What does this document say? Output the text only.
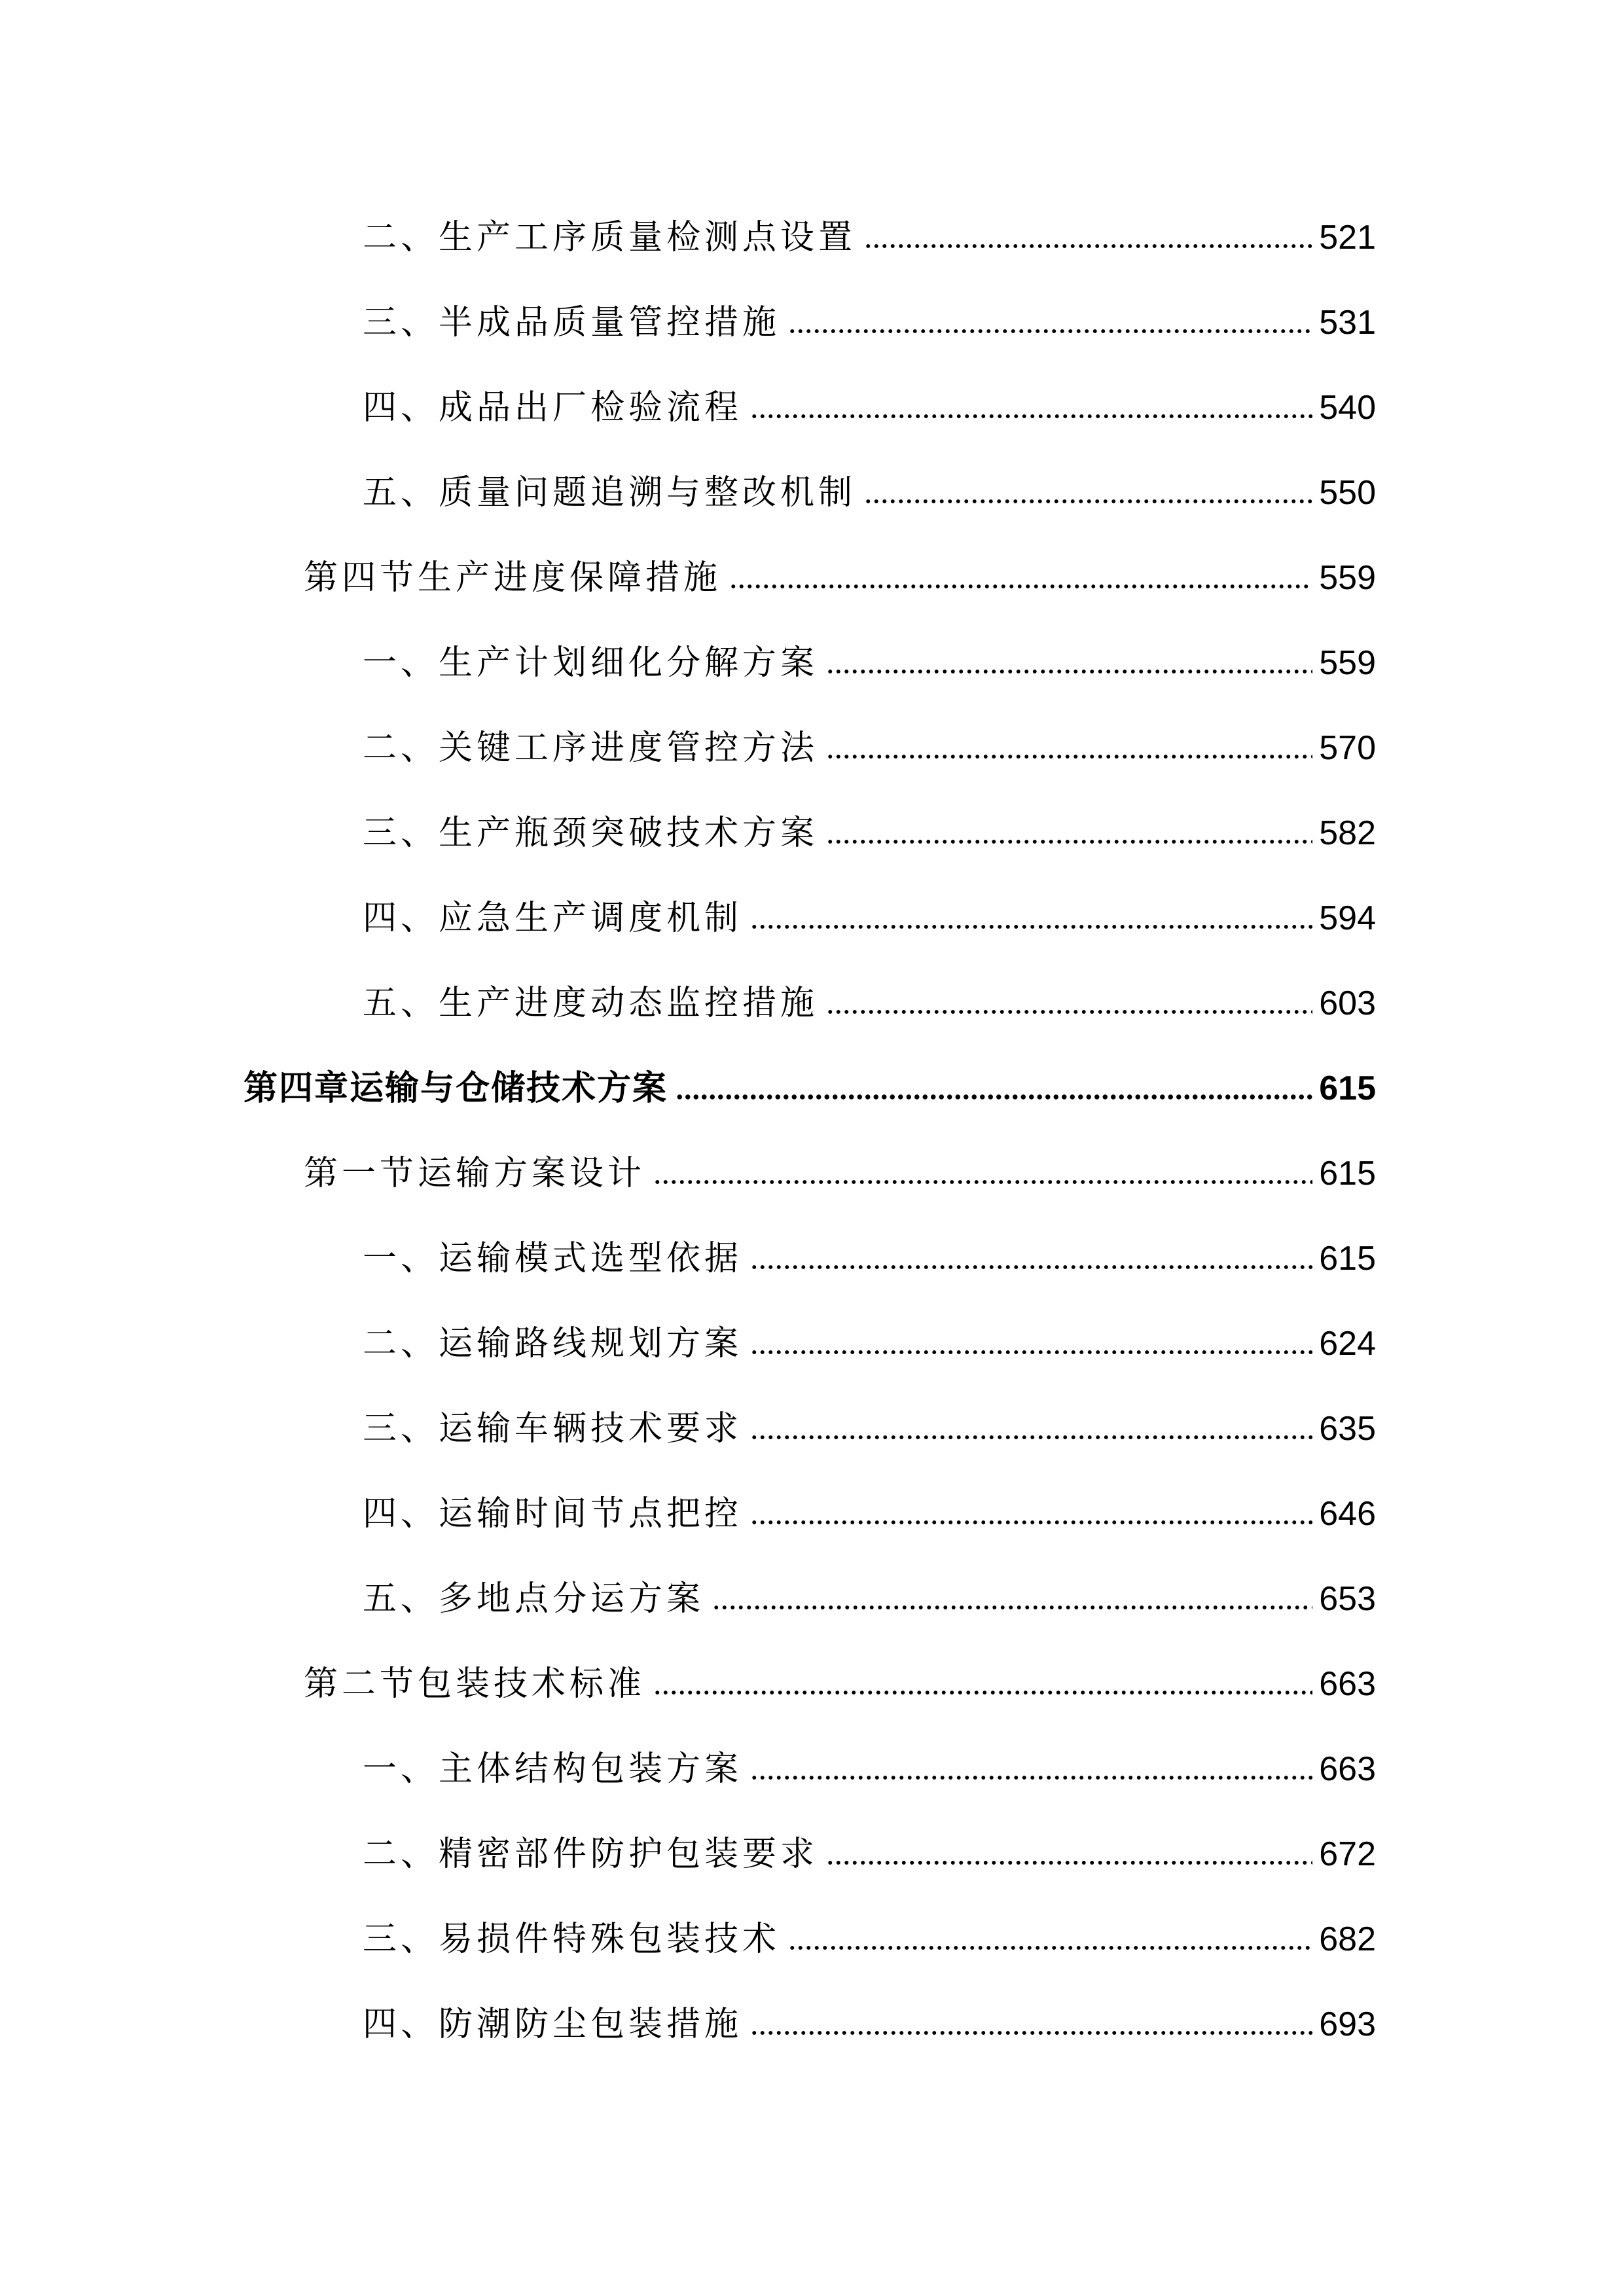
二、生产工序质量检测点设置	521
三、半成品质量管控措施	531
四、成品出厂检验流程	540
五、质量问题追溯与整改机制	550
第四节生产进度保障措施	559
一、生产计划细化分解方案	559
二、关键工序进度管控方法	570
三、生产瓶颈突破技术方案	582
四、应急生产调度机制	594
五、生产进度动态监控措施	603
第四章运输与仓储技术方案	615
第一节运输方案设计	615
一、运输模式选型依据	615
二、运输路线规划方案	624
三、运输车辆技术要求	635
四、运输时间节点把控	646
五、多地点分运方案	653
第二节包装技术标准	663
一、主体结构包装方案	663
二、精密部件防护包装要求	672
三、易损件特殊包装技术	682
四、防潮防尘包装措施	693
